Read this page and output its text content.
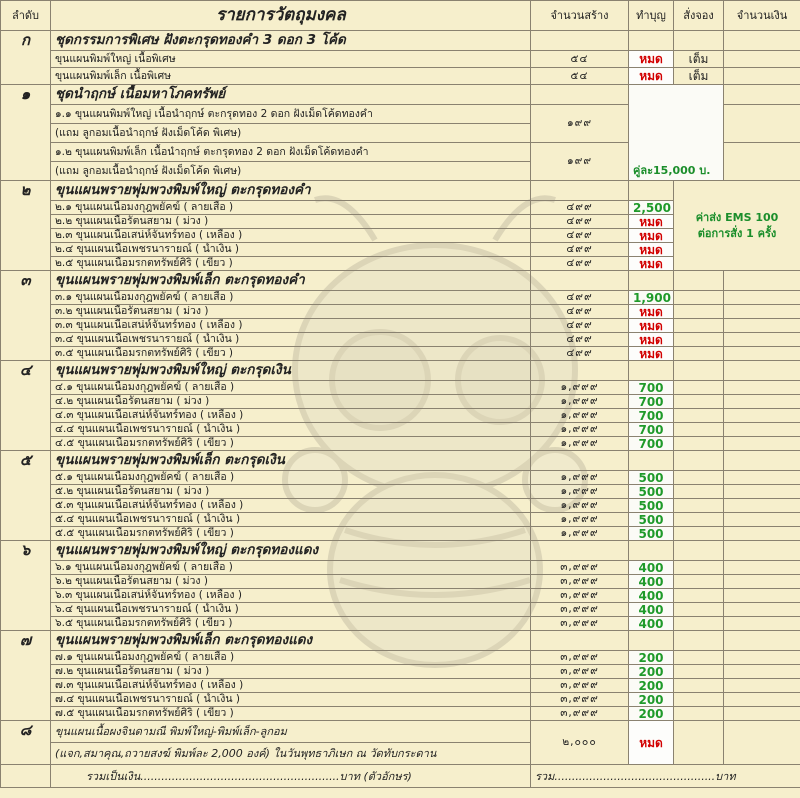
ลำดับ	รายการวัตถุมงคล	จำนวนสร้าง	ทำบุญ	สั่งจอง	จำนวนเงิน
ก	ชุดกรรมการพิเศษ ฝังตะกรุดทองคำ 3 ดอก 3 โค้ด				
	ขุนแผนพิมพ์ใหญ่ เนื้อพิเศษ	๕๔	หมด	เต็ม	
	ขุนแผนพิมพ์เล็ก เนื้อพิเศษ	๕๔	หมด	เต็ม	
๑	ชุดนำฤกษ์ เนื้อมหาโภคทรัพย์		คู่ละ15,000 บ.		
	๑.๑ ขุนแผนพิมพ์ใหญ่ เนื้อนำฤกษ์ ตะกรุดทอง 2 ดอก ฝังเม็ดโค้ดทองคำ	๑๙๙			
	(แถม ลูกอมเนื้อนำฤกษ์ ฝังเม็ดโค้ด พิเศษ)				
	๑.๒ ขุนแผนพิมพ์เล็ก เนื้อนำฤกษ์ ตะกรุดทอง 2 ดอก ฝังเม็ดโค้ดทองคำ	๑๙๙			
	(แถม ลูกอมเนื้อนำฤกษ์ ฝังเม็ดโค้ด พิเศษ)				
๒	ขุนแผนพรายพุ่มพวงพิมพ์ใหญ่ ตะกรุดทองคำ			ค่าส่ง EMS 100
ต่อการสั่ง 1 ครั้ง	
	๒.๑ ขุนแผนเนื้อมงกุฎพยัคฆ์ ( ลายเสือ )	๔๙๙	2,500		
	๒.๒ ขุนแผนเนื้อรัตนสยาม ( ม่วง )	๔๙๙	หมด		
	๒.๓ ขุนแผนเนื้อเสน่ห์จันทร์ทอง ( เหลือง )	๔๙๙	หมด		
	๒.๔ ขุนแผนเนื้อเพชรนารายณ์ ( น้ำเงิน )	๔๙๙	หมด		
	๒.๕ ขุนแผนเนื้อมรกตทรัพย์ศิริ ( เขียว )	๔๙๙	หมด		
๓	ขุนแผนพรายพุ่มพวงพิมพ์เล็ก ตะกรุดทองคำ				
	๓.๑ ขุนแผนเนื้อมงกุฎพยัคฆ์ ( ลายเสือ )	๔๙๙	1,900		
	๓.๒ ขุนแผนเนื้อรัตนสยาม ( ม่วง )	๔๙๙	หมด		
	๓.๓ ขุนแผนเนื้อเสน่ห์จันทร์ทอง ( เหลือง )	๔๙๙	หมด		
	๓.๔ ขุนแผนเนื้อเพชรนารายณ์ ( น้ำเงิน )	๔๙๙	หมด		
	๓.๕ ขุนแผนเนื้อมรกตทรัพย์ศิริ ( เขียว )	๔๙๙	หมด		
๔	ขุนแผนพรายพุ่มพวงพิมพ์ใหญ่ ตะกรุดเงิน				
	๔.๑ ขุนแผนเนื้อมงกุฎพยัคฆ์ ( ลายเสือ )	๑,๙๙๙	700		
	๔.๒ ขุนแผนเนื้อรัตนสยาม ( ม่วง )	๑,๙๙๙	700		
	๔.๓ ขุนแผนเนื้อเสน่ห์จันทร์ทอง ( เหลือง )	๑,๙๙๙	700		
	๔.๔ ขุนแผนเนื้อเพชรนารายณ์ ( น้ำเงิน )	๑,๙๙๙	700		
	๔.๕ ขุนแผนเนื้อมรกตทรัพย์ศิริ ( เขียว )	๑,๙๙๙	700		
๕	ขุนแผนพรายพุ่มพวงพิมพ์เล็ก ตะกรุดเงิน				
	๕.๑ ขุนแผนเนื้อมงกุฎพยัคฆ์ ( ลายเสือ )	๑,๙๙๙	500		
	๕.๒ ขุนแผนเนื้อรัตนสยาม ( ม่วง )	๑,๙๙๙	500		
	๕.๓ ขุนแผนเนื้อเสน่ห์จันทร์ทอง ( เหลือง )	๑,๙๙๙	500		
	๕.๔ ขุนแผนเนื้อเพชรนารายณ์ ( น้ำเงิน )	๑,๙๙๙	500		
	๕.๕ ขุนแผนเนื้อมรกตทรัพย์ศิริ ( เขียว )	๑,๙๙๙	500		
๖	ขุนแผนพรายพุ่มพวงพิมพ์ใหญ่ ตะกรุดทองแดง				
	๖.๑ ขุนแผนเนื้อมงกุฎพยัคฆ์ ( ลายเสือ )	๓,๙๙๙	400		
	๖.๒ ขุนแผนเนื้อรัตนสยาม ( ม่วง )	๓,๙๙๙	400		
	๖.๓ ขุนแผนเนื้อเสน่ห์จันทร์ทอง ( เหลือง )	๓,๙๙๙	400		
	๖.๔ ขุนแผนเนื้อเพชรนารายณ์ ( น้ำเงิน )	๓,๙๙๙	400		
	๖.๕ ขุนแผนเนื้อมรกตทรัพย์ศิริ ( เขียว )	๓,๙๙๙	400		
๗	ขุนแผนพรายพุ่มพวงพิมพ์เล็ก ตะกรุดทองแดง				
	๗.๑ ขุนแผนเนื้อมงกุฎพยัคฆ์ ( ลายเสือ )	๓,๙๙๙	200		
	๗.๒ ขุนแผนเนื้อรัตนสยาม ( ม่วง )	๓,๙๙๙	200		
	๗.๓ ขุนแผนเนื้อเสน่ห์จันทร์ทอง ( เหลือง )	๓,๙๙๙	200		
	๗.๔ ขุนแผนเนื้อเพชรนารายณ์ ( น้ำเงิน )	๓,๙๙๙	200		
	๗.๕ ขุนแผนเนื้อมรกตทรัพย์ศิริ ( เขียว )	๓,๙๙๙	200		
๘	ขุนแผนเนื้อผงจินดามณี พิมพ์ใหญ่-พิมพ์เล็ก-ลูกอม	๒,๐๐๐	หมด		
	(แจก,สมาคุณ,ถวายสงฆ์ พิมพ์ละ 2,000 องค์) ในวันพุทธาภิเษก ณ วัดทับกระดาน				
	รวมเป็นเงิน.........................................................บาท (ตัวอักษร)	รวม..............................................บาท			
